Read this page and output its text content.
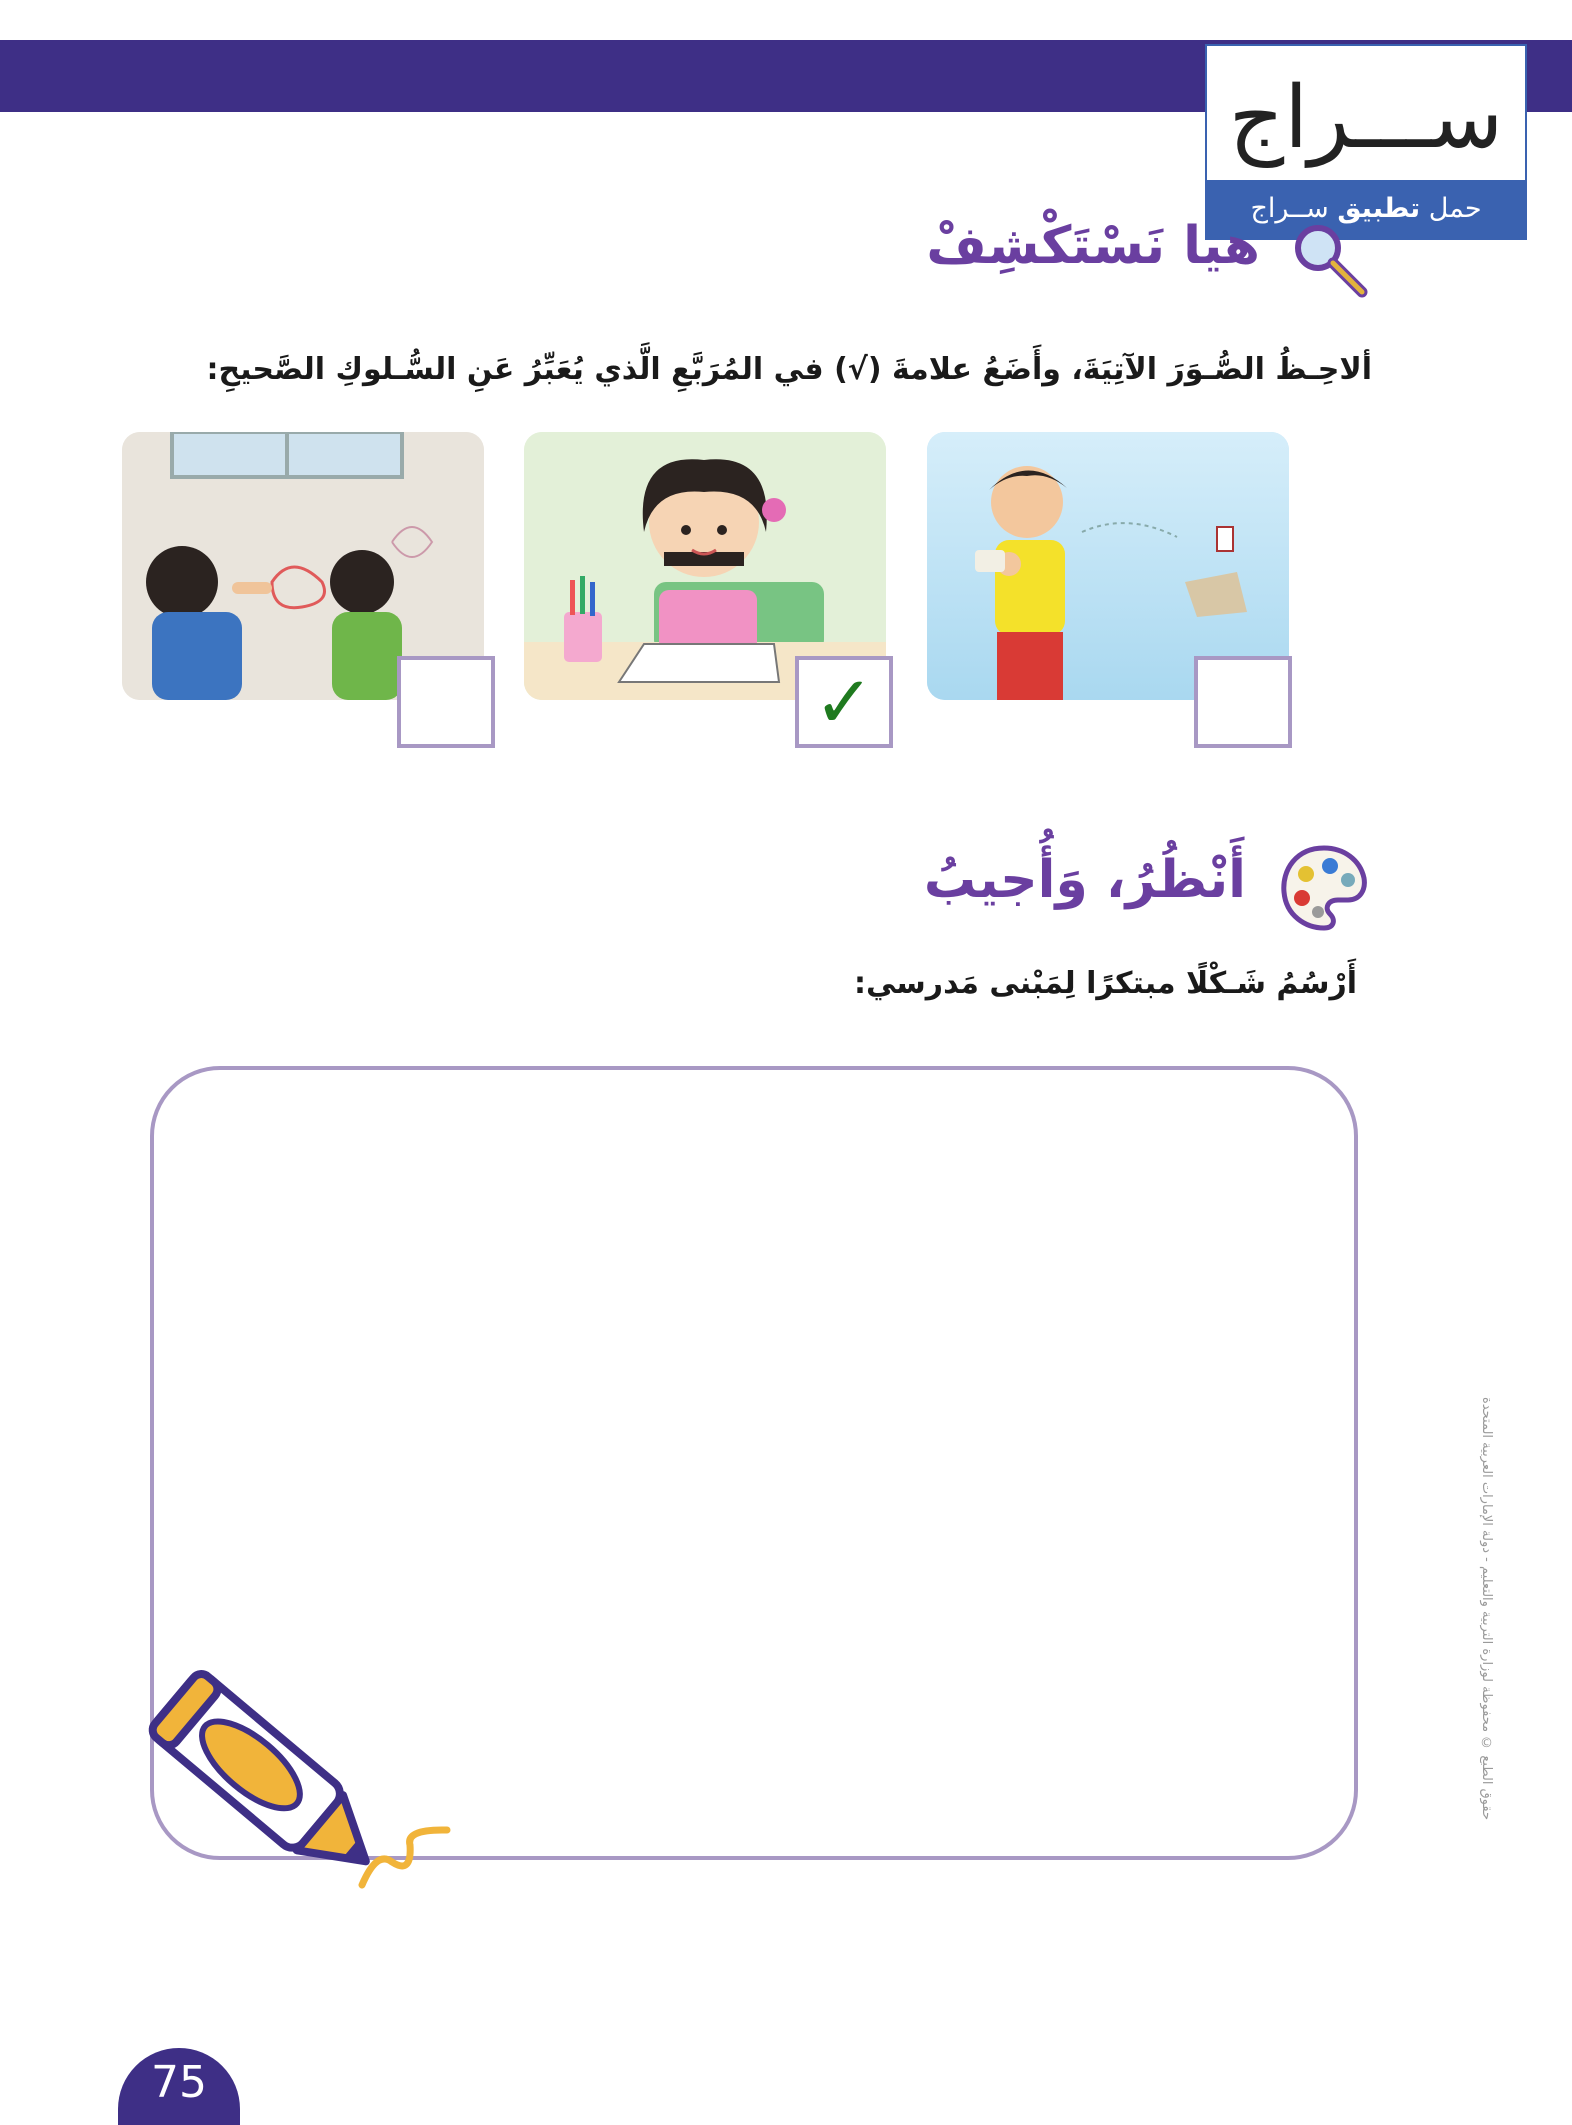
ســـراج
حمل تطبيق ســراج
هيا نَسْتَكْشِفْ
ألاحِـظُ الصُّـوَرَ الآتِيَةَ، وأَضَعُ علامةَ (√) في المُرَبَّعِ الَّذي يُعَبِّرُ عَنِ السُّـلوكِ الصَّحيحِ:
✓
أَنْظُرُ، وَأُجيبُ
أَرْسُمُ شَـكْلًا مبتكرًا لِمَبْنى مَدرسي:
حقوق الطبع © محفوظة لوزارة التربية والتعليم - دولة الإمارات العربية المتحدة
75
